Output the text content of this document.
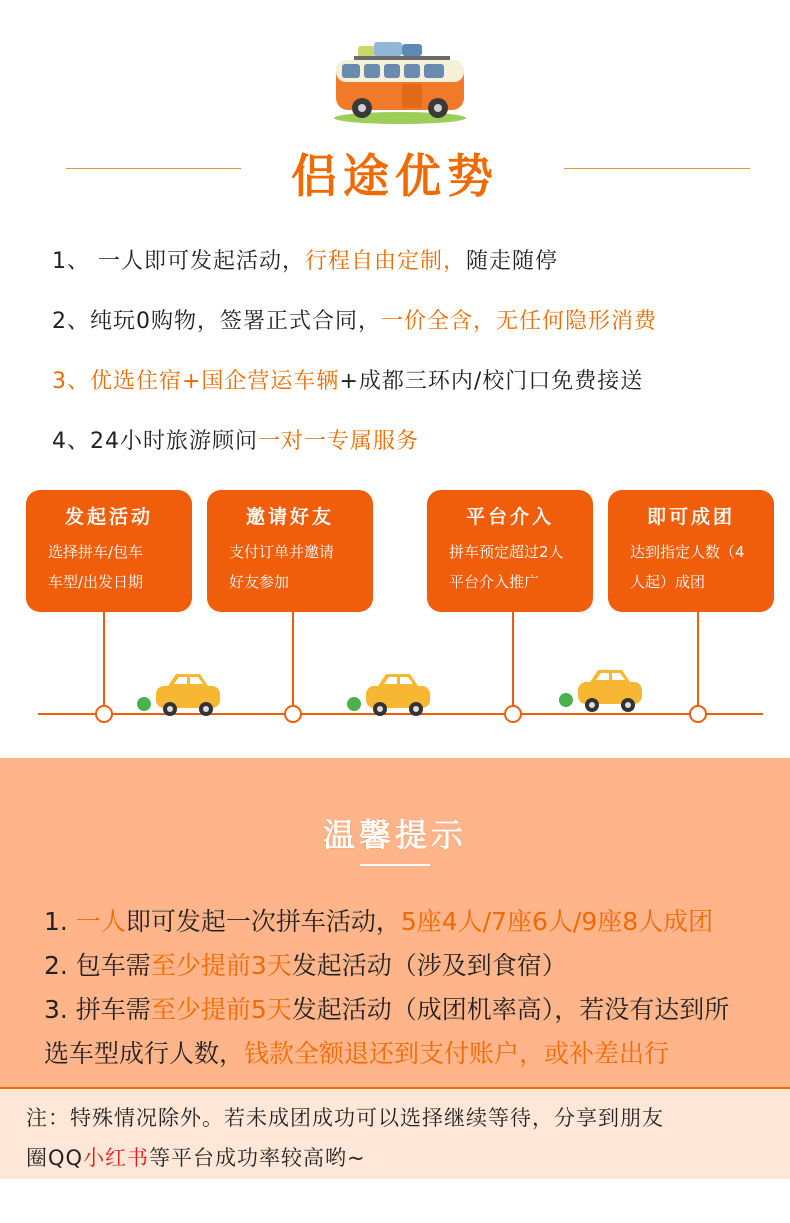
侣途优势
1、 一人即可发起活动，行程自由定制，随走随停
2、纯玩0购物，签署正式合同，一价全含，无任何隐形消费
3、优选住宿+国企营运车辆+成都三环内/校门口免费接送
4、24小时旅游顾问一对一专属服务
发起活动
选择拼车/包车
车型/出发日期
邀请好友
支付订单并邀请
好友参加
平台介入
拼车预定超过2人
平台介入推广
即可成团
达到指定人数（4
人起）成团
温馨提示
1. 一人即可发起一次拼车活动，5座4人/7座6人/9座8人成团
2. 包车需至少提前3天发起活动（涉及到食宿）
3. 拼车需至少提前5天发起活动（成团机率高），若没有达到所
选车型成行人数，钱款全额退还到支付账户，或补差出行
注：特殊情况除外。若未成团成功可以选择继续等待，分享到朋友
圈QQ小红书等平台成功率较高哟~
